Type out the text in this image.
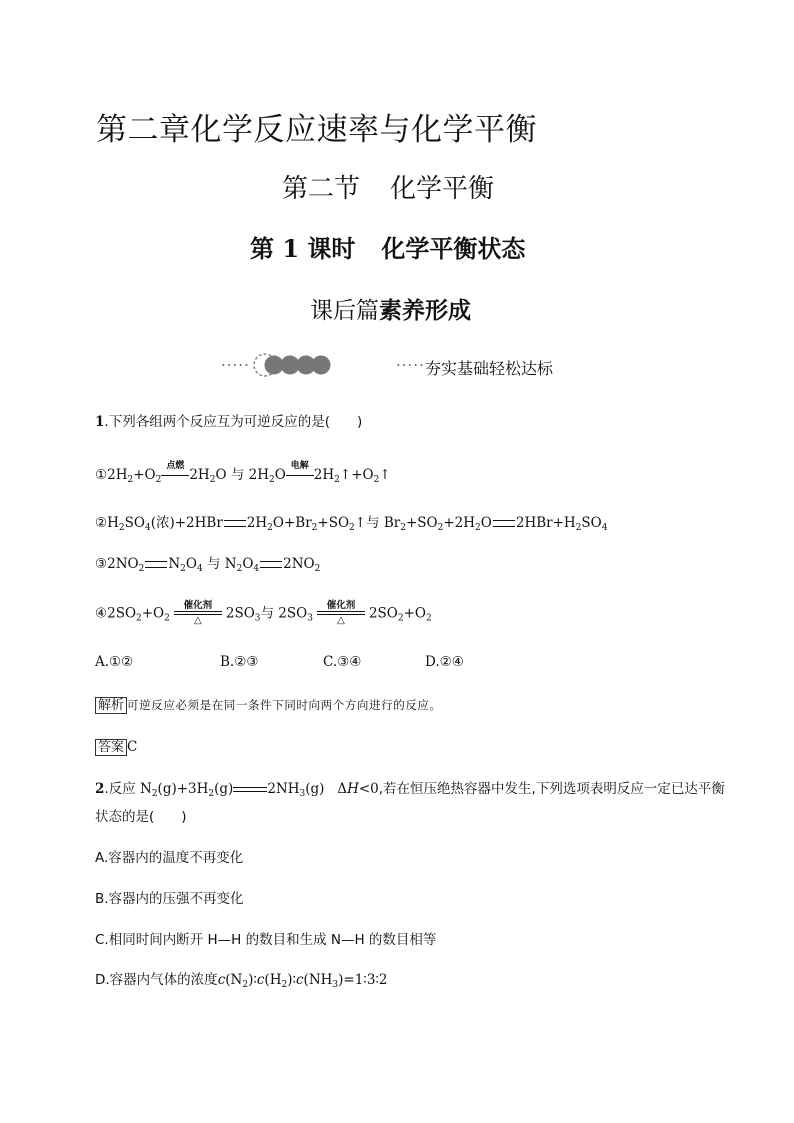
第二章化学反应速率与化学平衡
第二节 化学平衡
第 1 课时 化学平衡状态
课后篇素养形成
·····	····· 夯实基础轻松达标
1.下列各组两个反应互为可逆反应的是(　　)
$①2H_2+O_2$
点燃
$2H_2O$ 与 $2H_2O$
电解
$2H_2↑+O_2↑$
$②H_2SO_4$(浓)+2HBr $2H_2O+Br_2+SO_2↑$与 $Br_2+SO_2+2H_2O$ $2HBr+H_2SO_4$
$③2NO_2$ $N_2O_4$ 与 $N_2O_4$ $2NO_2$
$④2SO_2+O_2$
催化剂
△	$2SO_3$与 $2SO_3$
催化剂
△	$2SO_2+O_2$
A.①②	B.②③	C.③④	D.②④
解析 可逆反应必须是在同一条件下同时向两个方向进行的反应。
答案 C
2.反应 $N_2(g)+3H_2(g)$	$2NH_3(g)$   ΔH<0,若在恒压绝热容器中发生,下列选项表明反应一定已达平衡
状态的是(　　)
A.容器内的温度不再变化
B.容器内的压强不再变化
C.相同时间内断开 H—H 的数目和生成 N—H 的数目相等
D.容器内气体的浓度$c(N_2)∶c(H_2)∶c(NH_3)=1∶3∶2$
